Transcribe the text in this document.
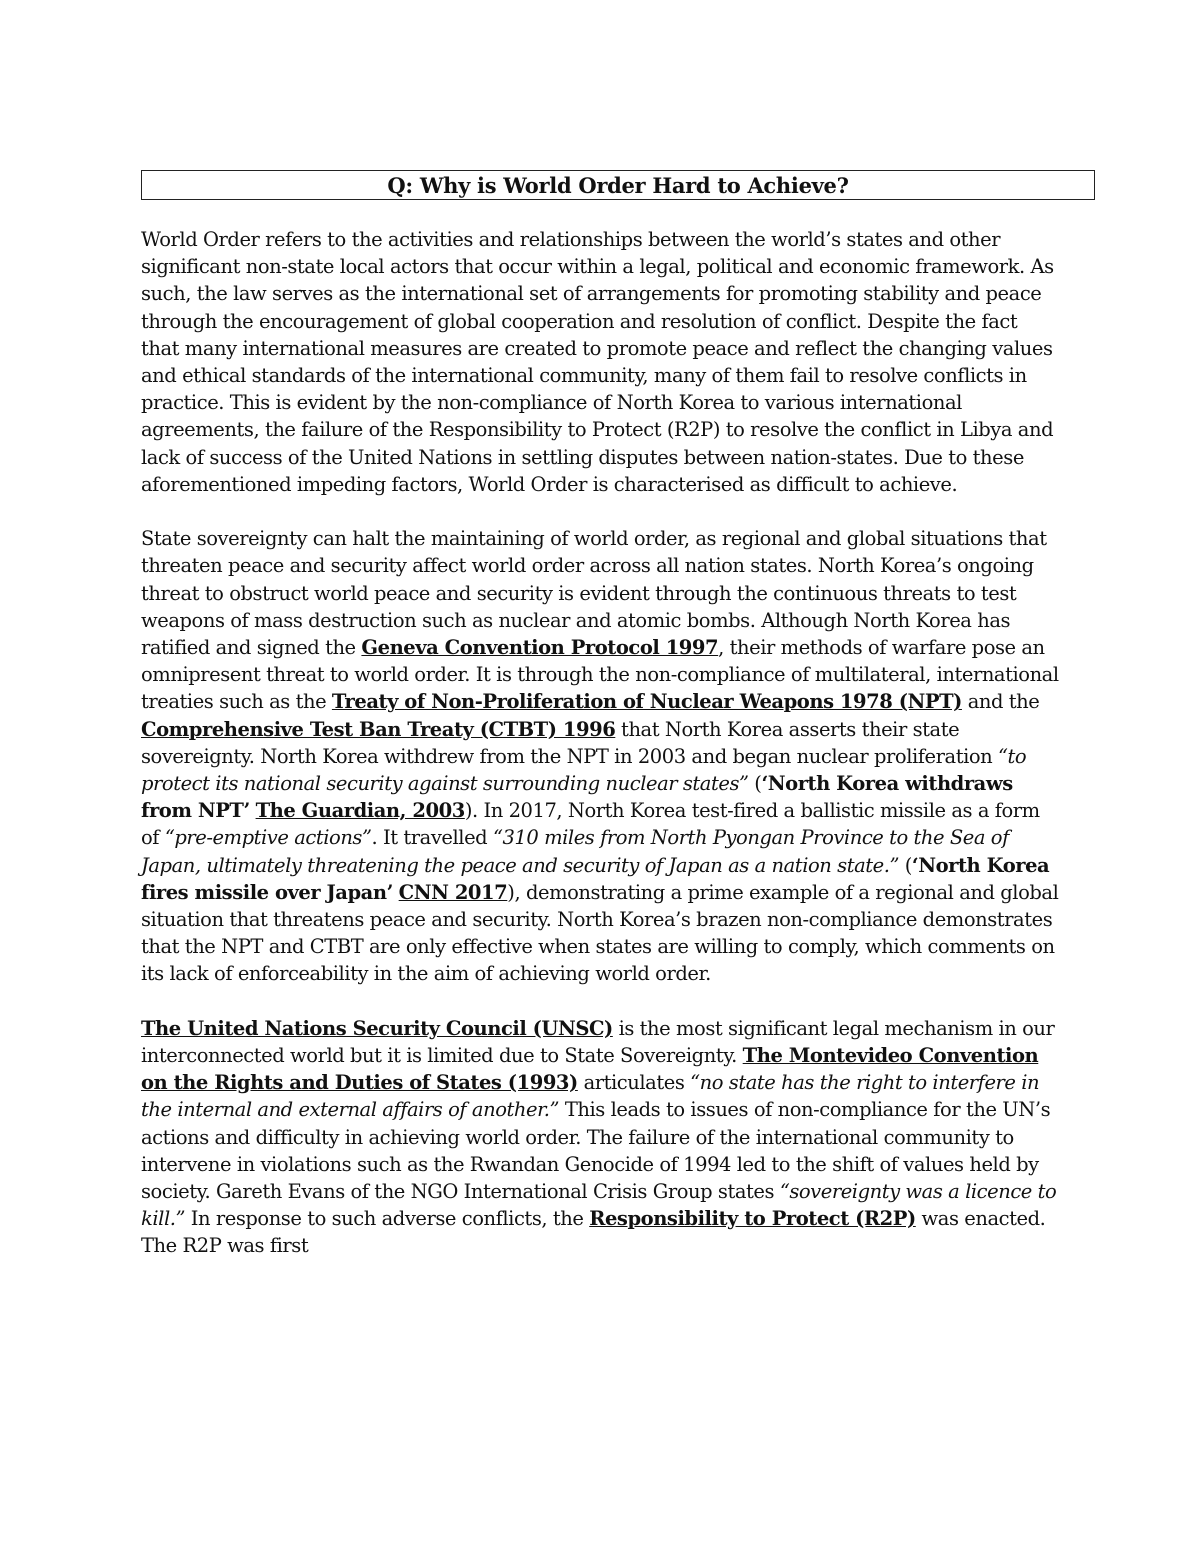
Q: Why is World Order Hard to Achieve?

World Order refers to the activities and relationships between the world’s states and other significant non-state local actors that occur within a legal, political and economic framework. As such, the law serves as the international set of arrangements for promoting stability and peace through the encouragement of global cooperation and resolution of conflict. Despite the fact that many international measures are created to promote peace and reflect the changing values and ethical standards of the international community, many of them fail to resolve conflicts in practice. This is evident by the non-compliance of North Korea to various international agreements, the failure of the Responsibility to Protect (R2P) to resolve the conflict in Libya and lack of success of the United Nations in settling disputes between nation-states. Due to these aforementioned impeding factors, World Order is characterised as difficult to achieve.

State sovereignty can halt the maintaining of world order, as regional and global situations that threaten peace and security affect world order across all nation states. North Korea’s ongoing threat to obstruct world peace and security is evident through the continuous threats to test weapons of mass destruction such as nuclear and atomic bombs. Although North Korea has ratified and signed the Geneva Convention Protocol 1997, their methods of warfare pose an omnipresent threat to world order. It is through the non-compliance of multilateral, international treaties such as the Treaty of Non-Proliferation of Nuclear Weapons 1978 (NPT) and the Comprehensive Test Ban Treaty (CTBT) 1996 that North Korea asserts their state sovereignty. North Korea withdrew from the NPT in 2003 and began nuclear proliferation “to protect its national security against surrounding nuclear states” (‘North Korea withdraws from NPT’ The Guardian, 2003). In 2017, North Korea test-fired a ballistic missile as a form of “pre-emptive actions”. It travelled “310 miles from North Pyongan Province to the Sea of Japan, ultimately threatening the peace and security of Japan as a nation state.” (‘North Korea fires missile over Japan’ CNN 2017), demonstrating a prime example of a regional and global situation that threatens peace and security. North Korea’s brazen non-compliance demonstrates that the NPT and CTBT are only effective when states are willing to comply, which comments on its lack of enforceability in the aim of achieving world order.

The United Nations Security Council (UNSC) is the most significant legal mechanism in our interconnected world but it is limited due to State Sovereignty. The Montevideo Convention on the Rights and Duties of States (1993) articulates “no state has the right to interfere in the internal and external affairs of another.” This leads to issues of non-compliance for the UN’s actions and difficulty in achieving world order. The failure of the international community to intervene in violations such as the Rwandan Genocide of 1994 led to the shift of values held by society. Gareth Evans of the NGO International Crisis Group states “sovereignty was a licence to kill.” In response to such adverse conflicts, the Responsibility to Protect (R2P) was enacted. The R2P was first
